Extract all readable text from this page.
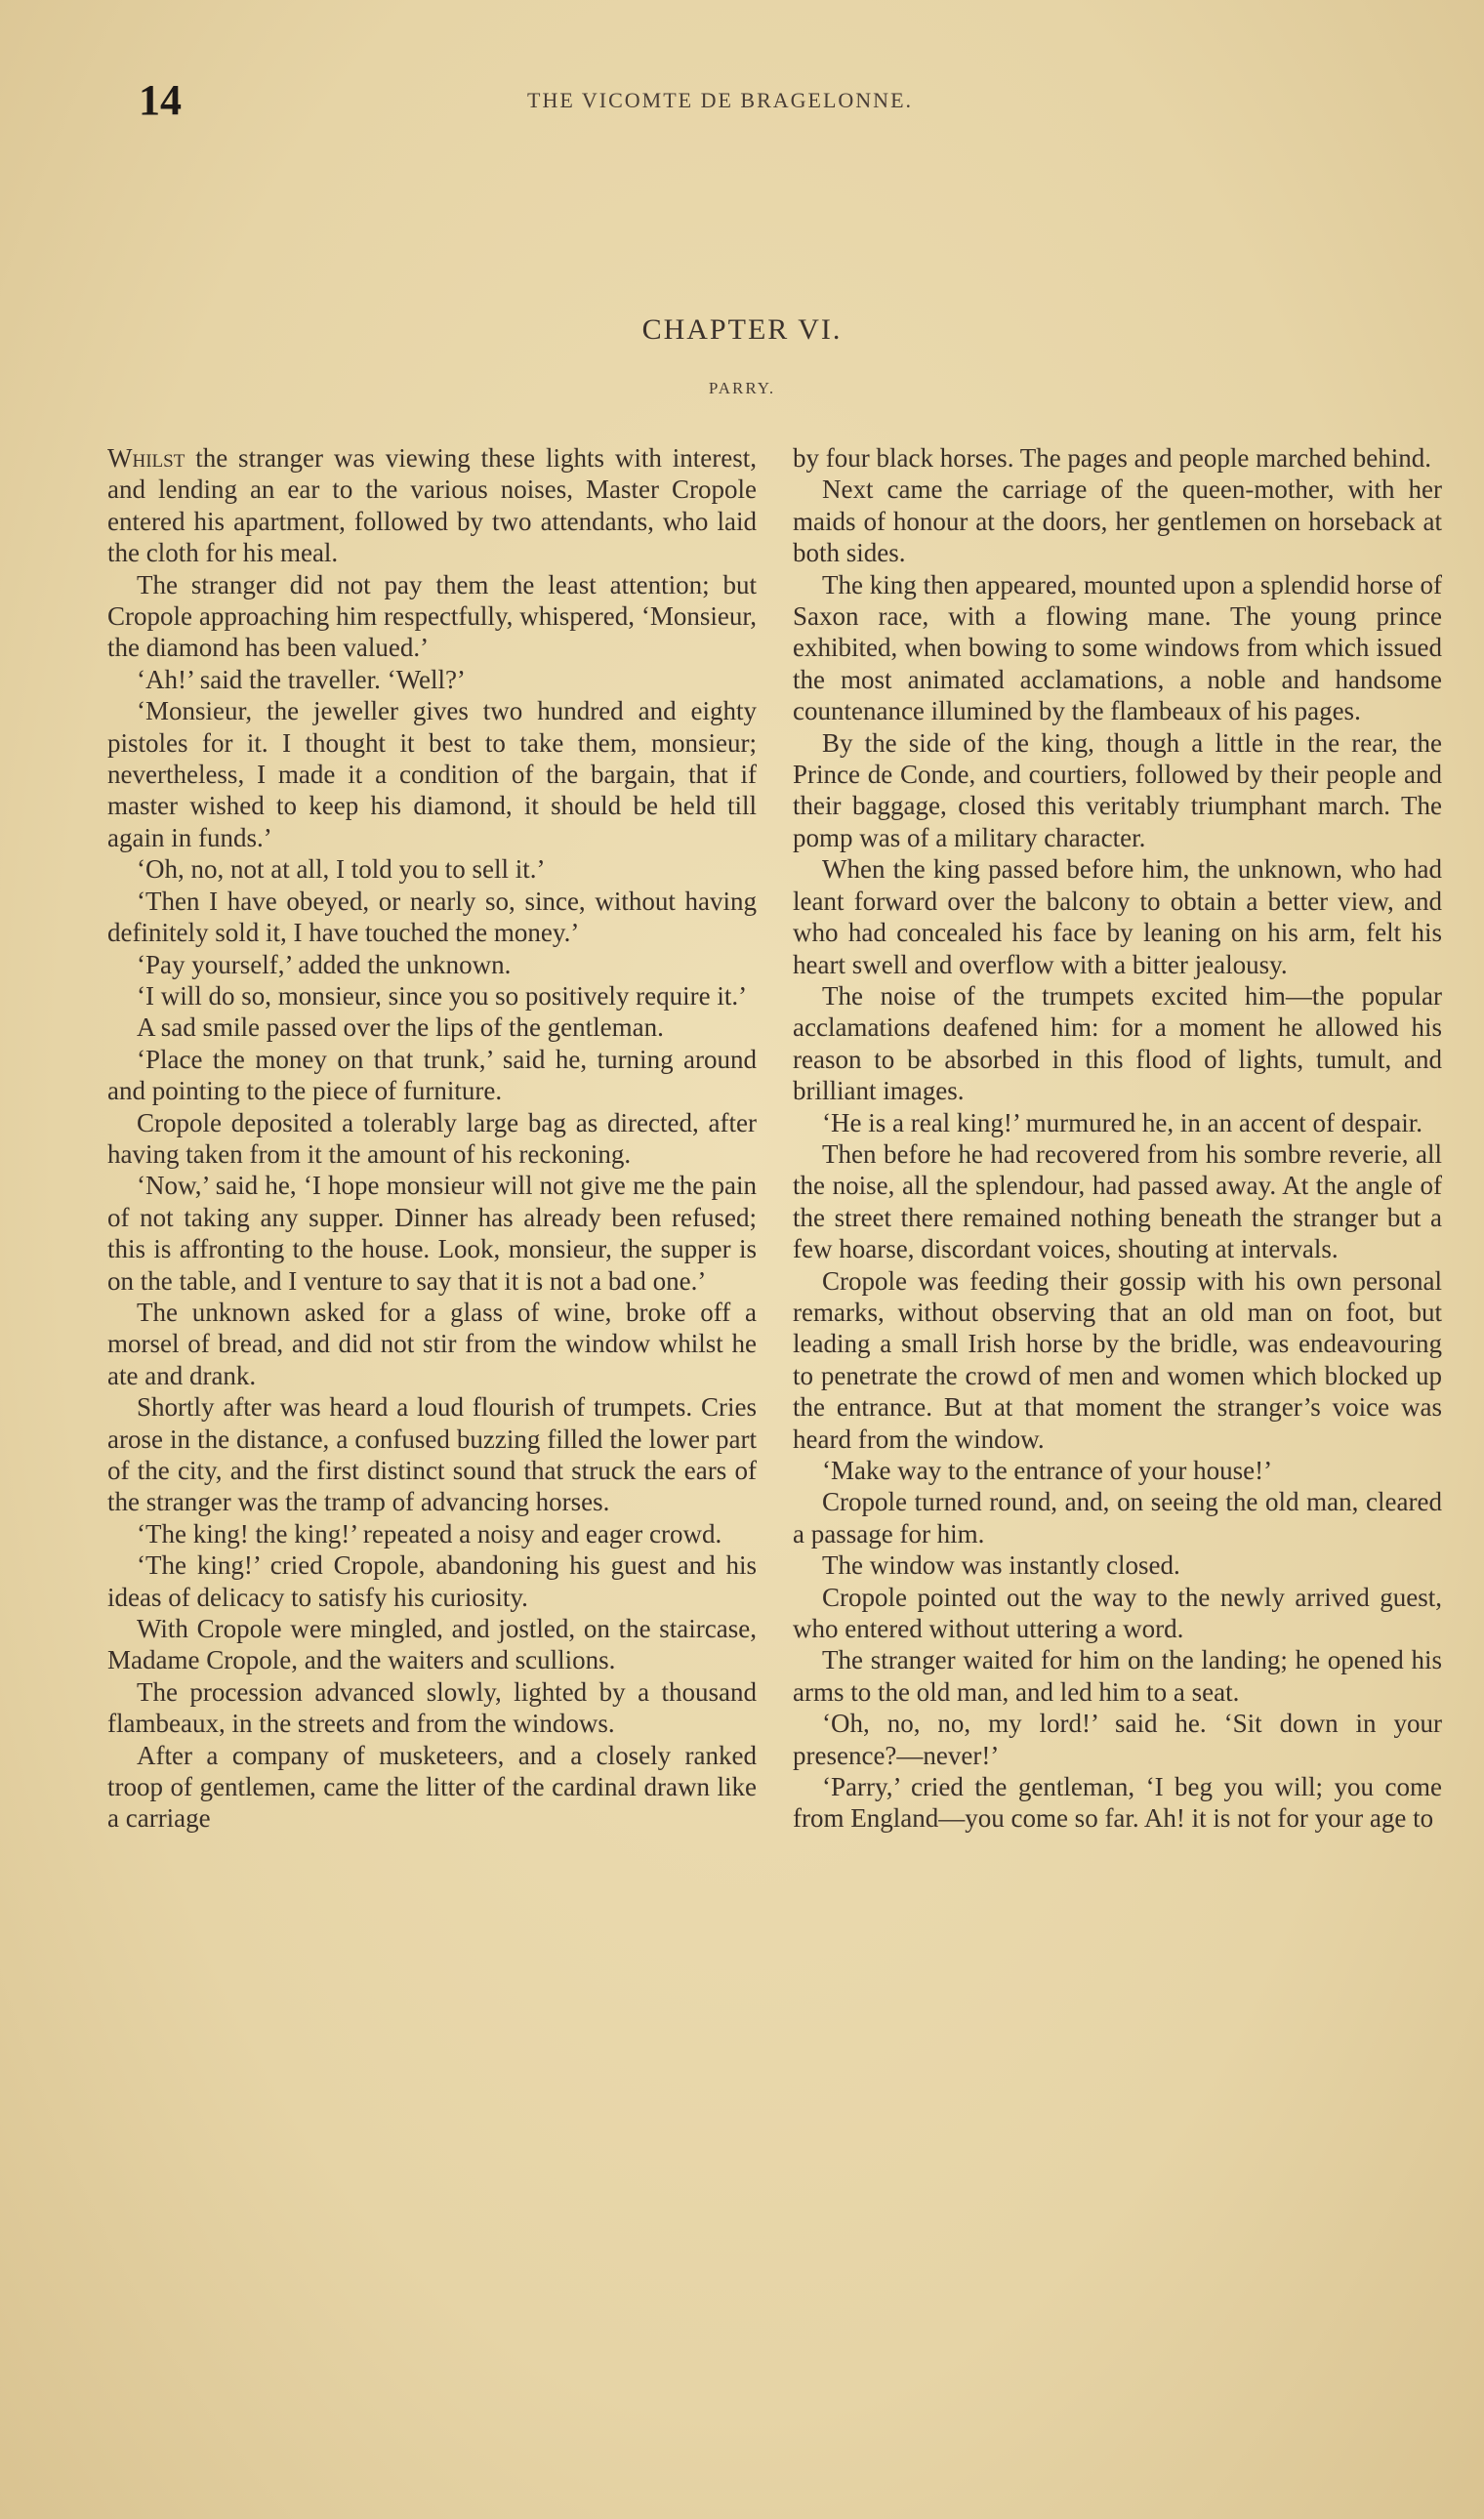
14	THE VICOMTE DE BRAGELONNE.
CHAPTER VI.
PARRY.

Whilst the stranger was viewing these lights with interest, and lending an ear to the various noises, Master Cropole entered his apartment, followed by two attendants, who laid the cloth for his meal.

The stranger did not pay them the least attention; but Cropole approaching him respectfully, whispered, ‘Monsieur, the diamond has been valued.’

‘Ah!’ said the traveller. ‘Well?’

‘Monsieur, the jeweller gives two hundred and eighty pistoles for it. I thought it best to take them, monsieur; nevertheless, I made it a condition of the bargain, that if master wished to keep his diamond, it should be held till again in funds.’

‘Oh, no, not at all, I told you to sell it.’

‘Then I have obeyed, or nearly so, since, without having definitely sold it, I have touched the money.’

‘Pay yourself,’ added the unknown.

‘I will do so, monsieur, since you so positively require it.’

A sad smile passed over the lips of the gentleman.

‘Place the money on that trunk,’ said he, turning around and pointing to the piece of furniture.

Cropole deposited a tolerably large bag as directed, after having taken from it the amount of his reckoning.

‘Now,’ said he, ‘I hope monsieur will not give me the pain of not taking any supper. Dinner has already been refused; this is affronting to the house. Look, monsieur, the supper is on the table, and I venture to say that it is not a bad one.’

The unknown asked for a glass of wine, broke off a morsel of bread, and did not stir from the window whilst he ate and drank.

Shortly after was heard a loud flourish of trumpets. Cries arose in the distance, a confused buzzing filled the lower part of the city, and the first distinct sound that struck the ears of the stranger was the tramp of advancing horses.

‘The king! the king!’ repeated a noisy and eager crowd.

‘The king!’ cried Cropole, abandoning his guest and his ideas of delicacy to satisfy his curiosity.

With Cropole were mingled, and jostled, on the staircase, Madame Cropole, and the waiters and scullions.

The procession advanced slowly, lighted by a thousand flambeaux, in the streets and from the windows.

After a company of musketeers, and a closely ranked troop of gentlemen, came the litter of the cardinal drawn like a carriage

by four black horses. The pages and people marched behind.

Next came the carriage of the queen-mother, with her maids of honour at the doors, her gentlemen on horseback at both sides.

The king then appeared, mounted upon a splendid horse of Saxon race, with a flowing mane. The young prince exhibited, when bowing to some windows from which issued the most animated acclamations, a noble and handsome countenance illumined by the flambeaux of his pages.

By the side of the king, though a little in the rear, the Prince de Conde, and courtiers, followed by their people and their baggage, closed this veritably triumphant march. The pomp was of a military character.

When the king passed before him, the unknown, who had leant forward over the balcony to obtain a better view, and who had concealed his face by leaning on his arm, felt his heart swell and overflow with a bitter jealousy.

The noise of the trumpets excited him—the popular acclamations deafened him: for a moment he allowed his reason to be absorbed in this flood of lights, tumult, and brilliant images.

‘He is a real king!’ murmured he, in an accent of despair.

Then before he had recovered from his sombre reverie, all the noise, all the splendour, had passed away. At the angle of the street there remained nothing beneath the stranger but a few hoarse, discordant voices, shouting at intervals.

Cropole was feeding their gossip with his own personal remarks, without observing that an old man on foot, but leading a small Irish horse by the bridle, was endeavouring to penetrate the crowd of men and women which blocked up the entrance. But at that moment the stranger’s voice was heard from the window.

‘Make way to the entrance of your house!’

Cropole turned round, and, on seeing the old man, cleared a passage for him.

The window was instantly closed.

Cropole pointed out the way to the newly arrived guest, who entered without uttering a word.

The stranger waited for him on the landing; he opened his arms to the old man, and led him to a seat.

‘Oh, no, no, my lord!’ said he. ‘Sit down in your presence?—never!’

‘Parry,’ cried the gentleman, ‘I beg you will; you come from England—you come so far. Ah! it is not for your age to
